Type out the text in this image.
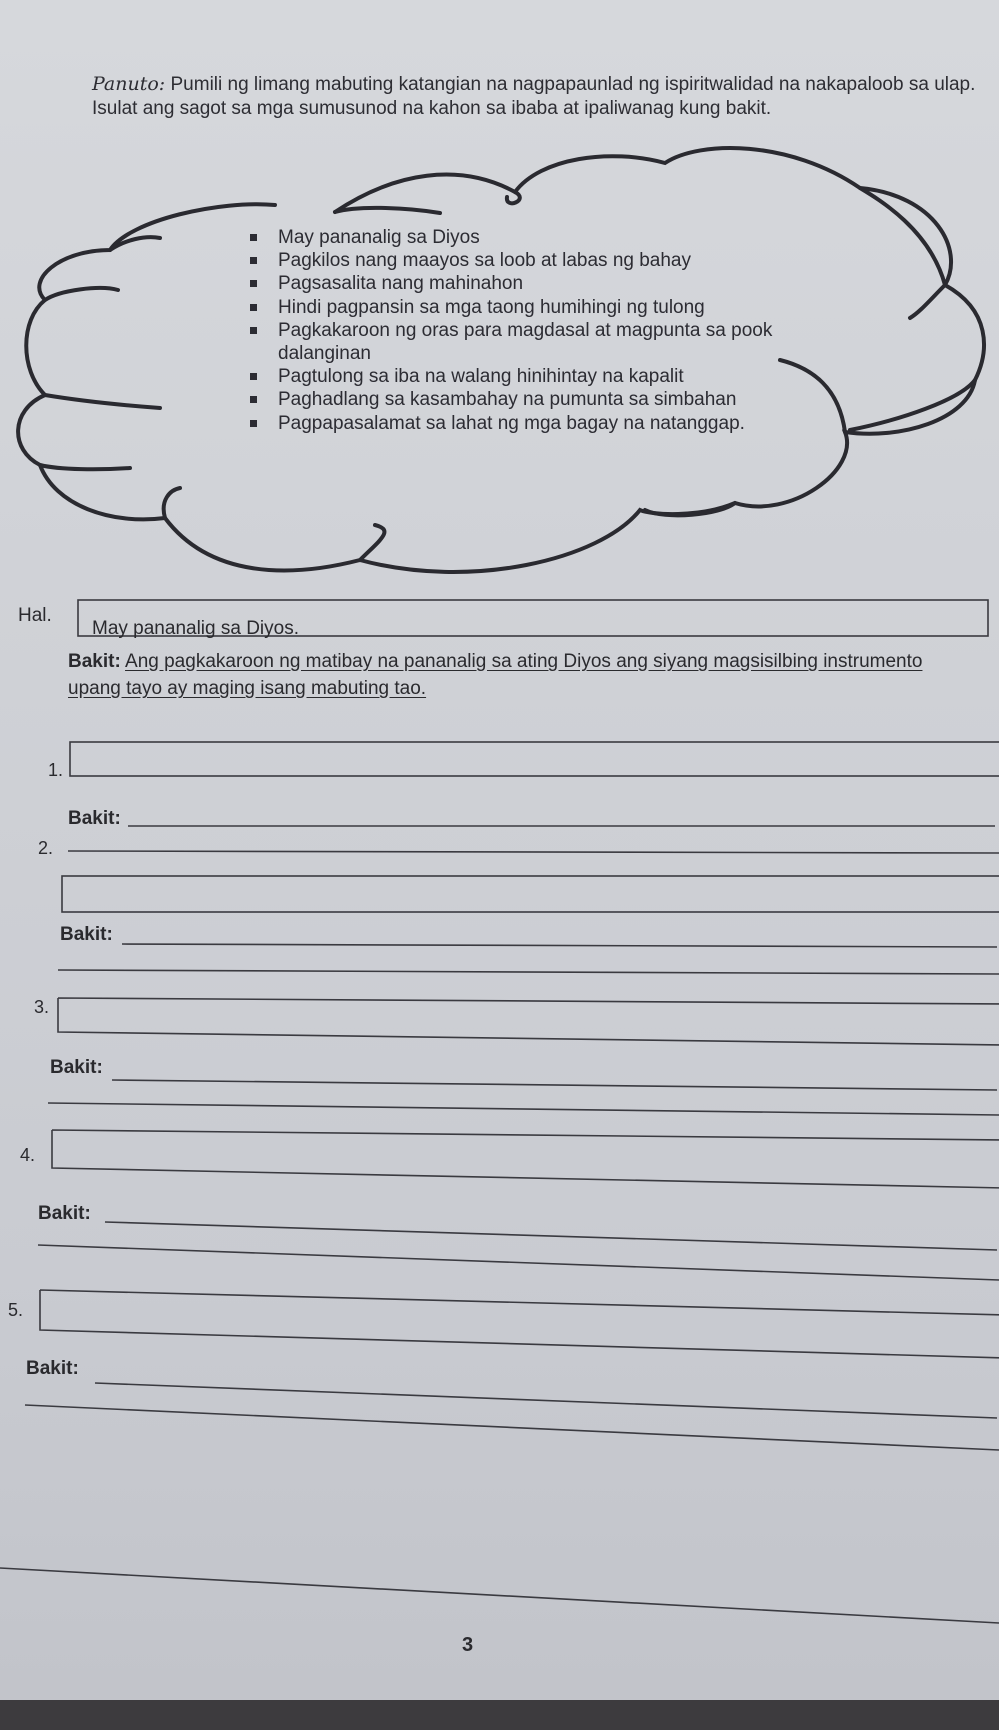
Panuto: Pumili ng limang mabuting katangian na nagpapaunlad ng ispiritwalidad na nakapaloob sa ulap. Isulat ang sagot sa mga sumusunod na kahon sa ibaba at ipaliwanag kung bakit.
May pananalig sa Diyos
Pagkilos nang maayos sa loob at labas ng bahay
Pagsasalita nang mahinahon
Hindi pagpansin sa mga taong humihingi ng tulong
Pagkakaroon ng oras para magdasal at magpunta sa pook dalanginan
Pagtulong sa iba na walang hinihintay na kapalit
Paghadlang sa kasambahay na pumunta sa simbahan
Pagpapasalamat sa lahat ng mga bagay na natanggap.
Hal.
May pananalig sa Diyos.
Bakit: Ang pagkakaroon ng matibay na pananalig sa ating Diyos ang siyang magsisilbing instrumento upang tayo ay maging isang mabuting tao.
1.
Bakit:
2.
Bakit:
3.
Bakit:
4.
Bakit:
5.
Bakit:
3
